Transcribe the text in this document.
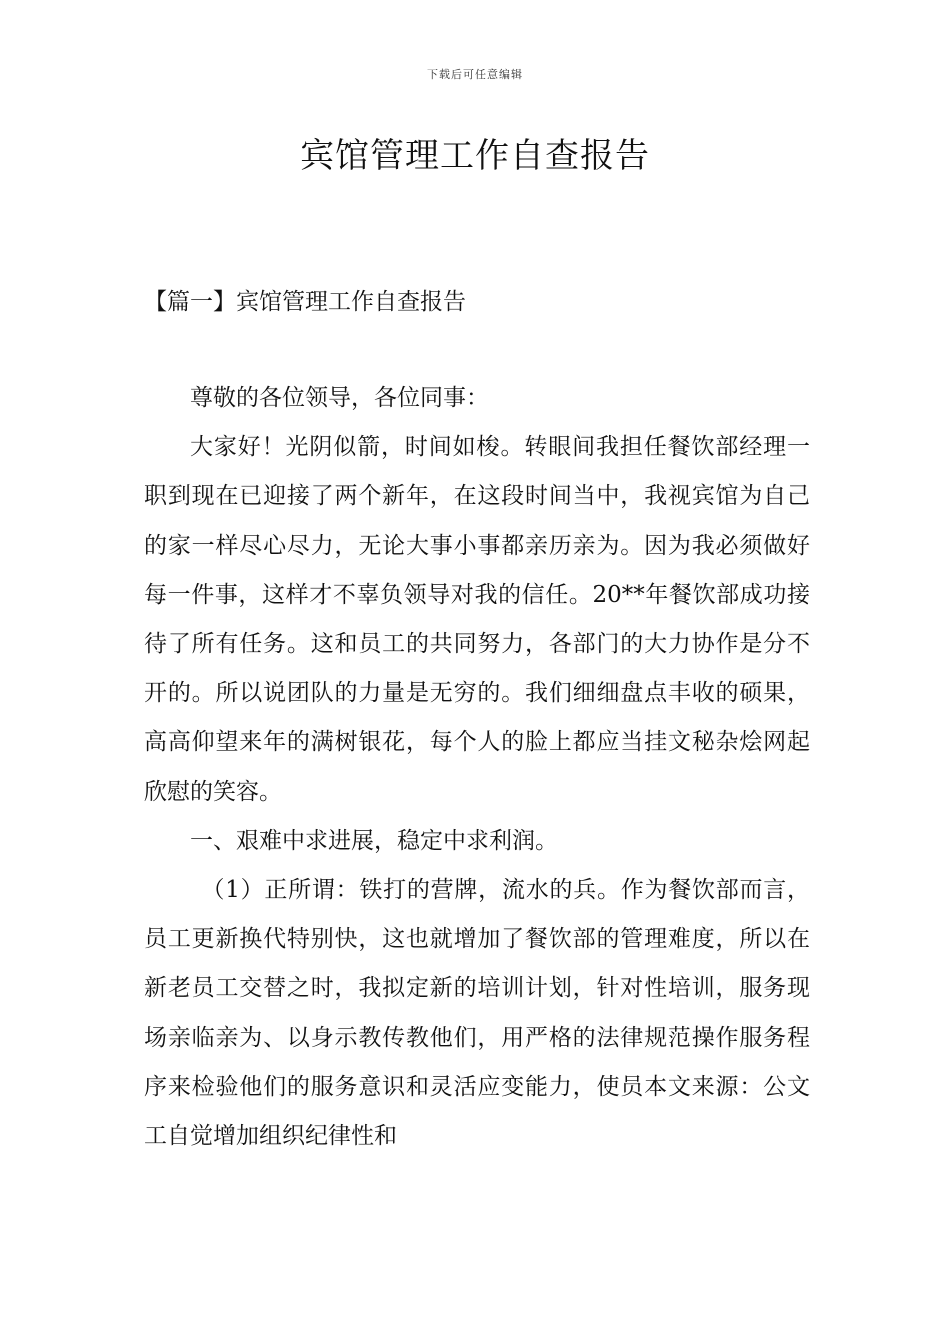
下载后可任意编辑
宾馆管理工作自查报告
【篇一】宾馆管理工作自查报告

尊敬的各位领导，各位同事：

大家好！光阴似箭，时间如梭。转眼间我担任餐饮部经理一职到现在已迎接了两个新年，在这段时间当中，我视宾馆为自己的家一样尽心尽力，无论大事小事都亲历亲为。因为我必须做好每一件事，这样才不辜负领导对我的信任。20**年餐饮部成功接待了所有任务。这和员工的共同努力，各部门的大力协作是分不开的。所以说团队的力量是无穷的。我们细细盘点丰收的硕果，高高仰望来年的满树银花，每个人的脸上都应当挂文秘杂烩网起欣慰的笑容。

一、艰难中求进展，稳定中求利润。

（1）正所谓：铁打的营牌，流水的兵。作为餐饮部而言，员工更新换代特别快，这也就增加了餐饮部的管理难度，所以在新老员工交替之时，我拟定新的培训计划，针对性培训，服务现场亲临亲为、以身示教传教他们，用严格的法律规范操作服务程序来检验他们的服务意识和灵活应变能力，使员本文来源：公文工自觉增加组织纪律性和
